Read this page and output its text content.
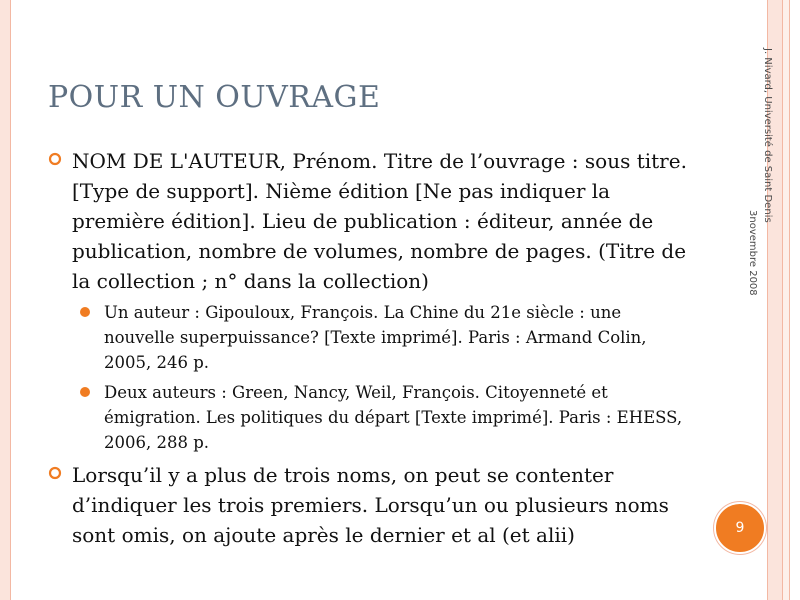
POUR UN OUVRAGE
NOM DE L'AUTEUR, Prénom. Titre de l’ouvrage : sous titre. [Type de support]. Nième édition [Ne pas indiquer la première édition]. Lieu de publication : éditeur, année de publication, nombre de volumes, nombre de pages. (Titre de la collection ; n° dans la collection)
Un auteur : Gipouloux, François. La Chine du 21e siècle : une nouvelle superpuissance? [Texte imprimé]. Paris : Armand Colin, 2005, 246 p.
Deux auteurs : Green, Nancy, Weil, François. Citoyenneté et émigration. Les politiques du départ [Texte imprimé]. Paris : EHESS, 2006, 288 p.
Lorsqu’il y a plus de trois noms, on peut se contenter d’indiquer les trois premiers. Lorsqu’un ou plusieurs noms sont omis, on ajoute après le dernier et al (et alii)
J. Nivard, Université de Saint Denis
3novembre 2008
9
